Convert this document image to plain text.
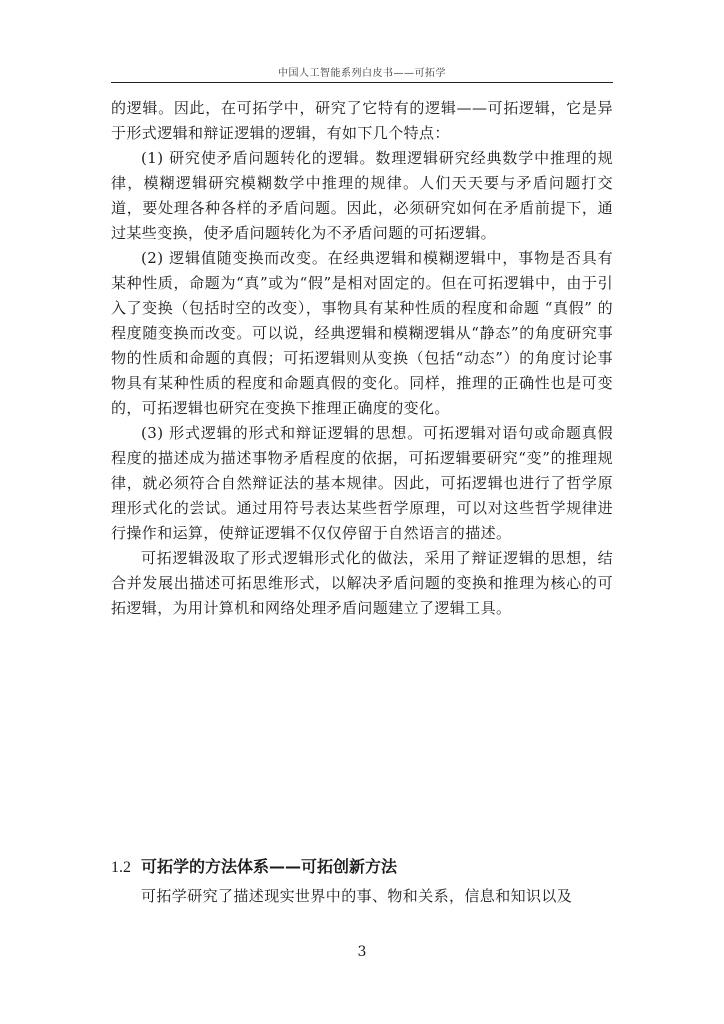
中国人工智能系列白皮书——可拓学

的逻辑。因此，在可拓学中，研究了它特有的逻辑——可拓逻辑，它是异于形式逻辑和辩证逻辑的逻辑，有如下几个特点：

(1) 研究使矛盾问题转化的逻辑。数理逻辑研究经典数学中推理的规律，模糊逻辑研究模糊数学中推理的规律。人们天天要与矛盾问题打交道，要处理各种各样的矛盾问题。因此，必须研究如何在矛盾前提下，通过某些变换，使矛盾问题转化为不矛盾问题的可拓逻辑。

(2) 逻辑值随变换而改变。在经典逻辑和模糊逻辑中，事物是否具有某种性质，命题为“真”或为“假”是相对固定的。但在可拓逻辑中，由于引入了变换（包括时空的改变），事物具有某种性质的程度和命题 “真假” 的程度随变换而改变。可以说，经典逻辑和模糊逻辑从“静态”的角度研究事物的性质和命题的真假；可拓逻辑则从变换（包括“动态”）的角度讨论事物具有某种性质的程度和命题真假的变化。同样，推理的正确性也是可变的，可拓逻辑也研究在变换下推理正确度的变化。

(3) 形式逻辑的形式和辩证逻辑的思想。可拓逻辑对语句或命题真假程度的描述成为描述事物矛盾程度的依据，可拓逻辑要研究“变”的推理规律，就必须符合自然辩证法的基本规律。因此，可拓逻辑也进行了哲学原理形式化的尝试。通过用符号表达某些哲学原理，可以对这些哲学规律进行操作和运算，使辩证逻辑不仅仅停留于自然语言的描述。

可拓逻辑汲取了形式逻辑形式化的做法，采用了辩证逻辑的思想，结合并发展出描述可拓思维形式，以解决矛盾问题的变换和推理为核心的可拓逻辑，为用计算机和网络处理矛盾问题建立了逻辑工具。

1.2 可拓学的方法体系——可拓创新方法

可拓学研究了描述现实世界中的事、物和关系，信息和知识以及

3
